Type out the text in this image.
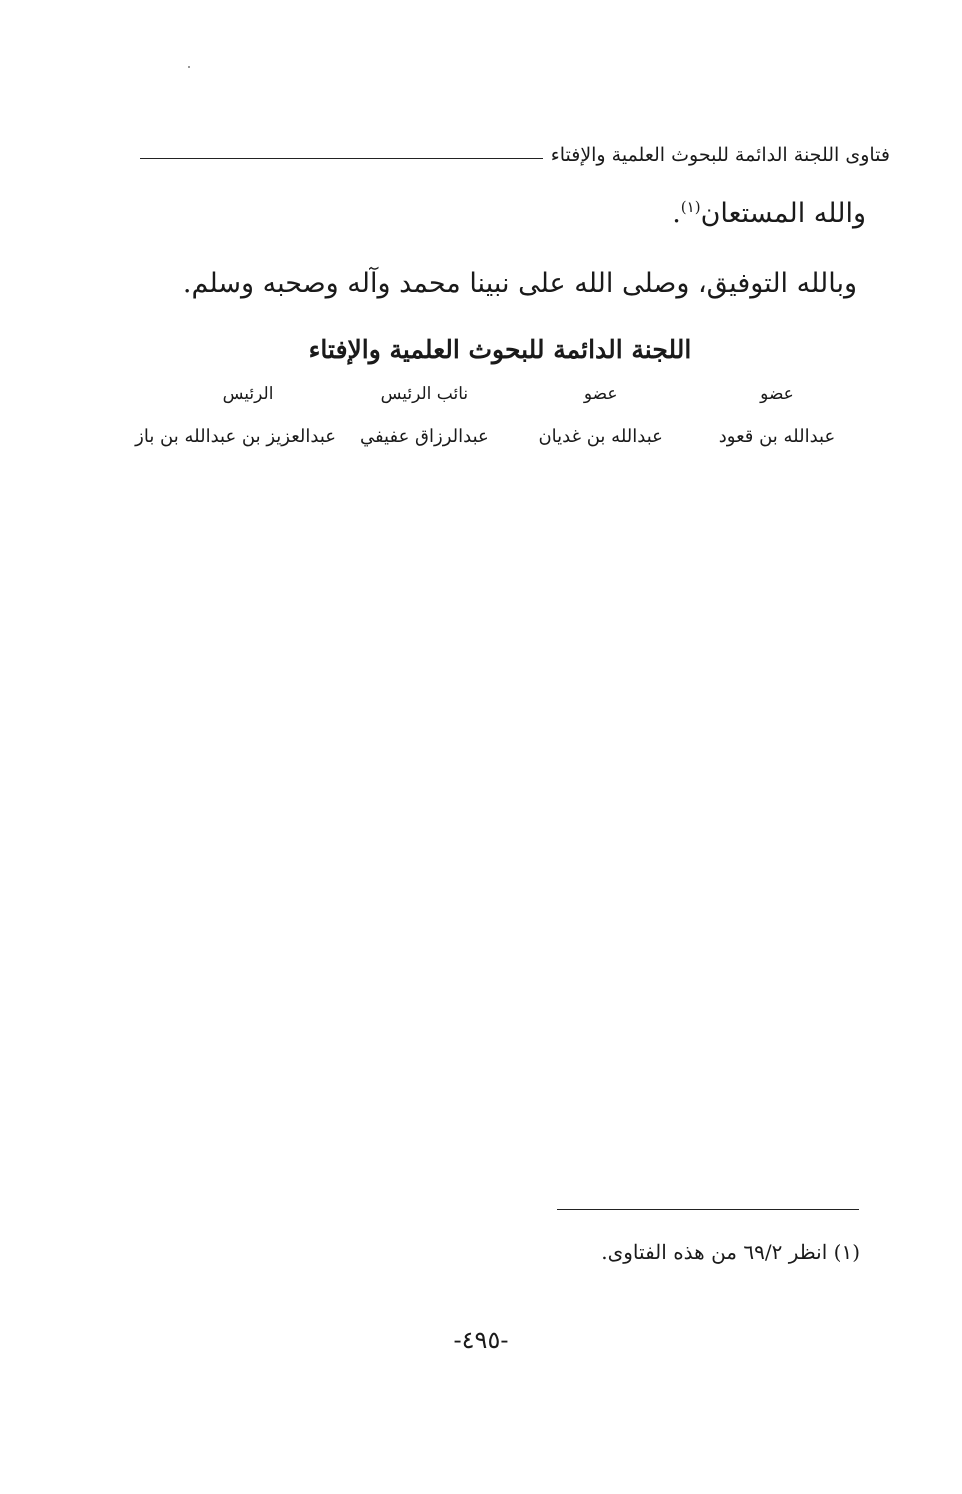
فتاوى اللجنة الدائمة للبحوث العلمية والإفتاء
والله المستعان$^{(١)}$.
وبالله التوفيق، وصلى الله على نبينا محمد وآله وصحبه وسلم.
اللجنة الدائمة للبحوث العلمية والإفتاء
عضو
عضو
نائب الرئيس
الرئيس
عبدالله بن قعود
عبدالله بن غديان
عبدالرزاق عفيفي
عبدالعزيز بن عبدالله بن باز
(١) انظر ٦٩/٢ من هذه الفتاوى.
-٤٩٥-
